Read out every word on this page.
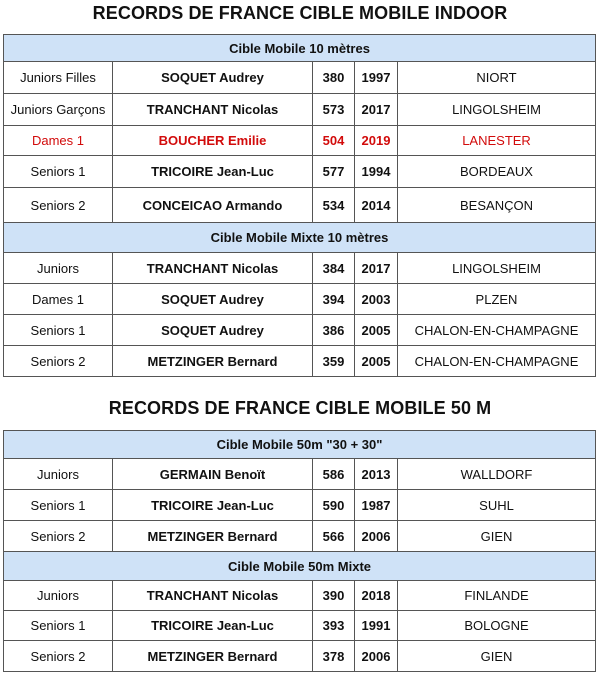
RECORDS DE FRANCE CIBLE MOBILE INDOOR
Cible Mobile 10 mètres				
Juniors Filles	SOQUET Audrey	380	1997	NIORT
Juniors Garçons	TRANCHANT Nicolas	573	2017	LINGOLSHEIM
Dames 1	BOUCHER Emilie	504	2019	LANESTER
Seniors 1	TRICOIRE Jean-Luc	577	1994	BORDEAUX
Seniors 2	CONCEICAO Armando	534	2014	BESANÇON
Cible Mobile Mixte 10 mètres				
Juniors	TRANCHANT Nicolas	384	2017	LINGOLSHEIM
Dames 1	SOQUET Audrey	394	2003	PLZEN
Seniors 1	SOQUET Audrey	386	2005	CHALON-EN-CHAMPAGNE
Seniors 2	METZINGER Bernard	359	2005	CHALON-EN-CHAMPAGNE
RECORDS DE FRANCE CIBLE MOBILE 50 M
Cible Mobile 50m "30 + 30"				
Juniors	GERMAIN Benoït	586	2013	WALLDORF
Seniors 1	TRICOIRE Jean-Luc	590	1987	SUHL
Seniors 2	METZINGER Bernard	566	2006	GIEN
Cible Mobile 50m Mixte				
Juniors	TRANCHANT Nicolas	390	2018	FINLANDE
Seniors 1	TRICOIRE Jean-Luc	393	1991	BOLOGNE
Seniors 2	METZINGER Bernard	378	2006	GIEN
